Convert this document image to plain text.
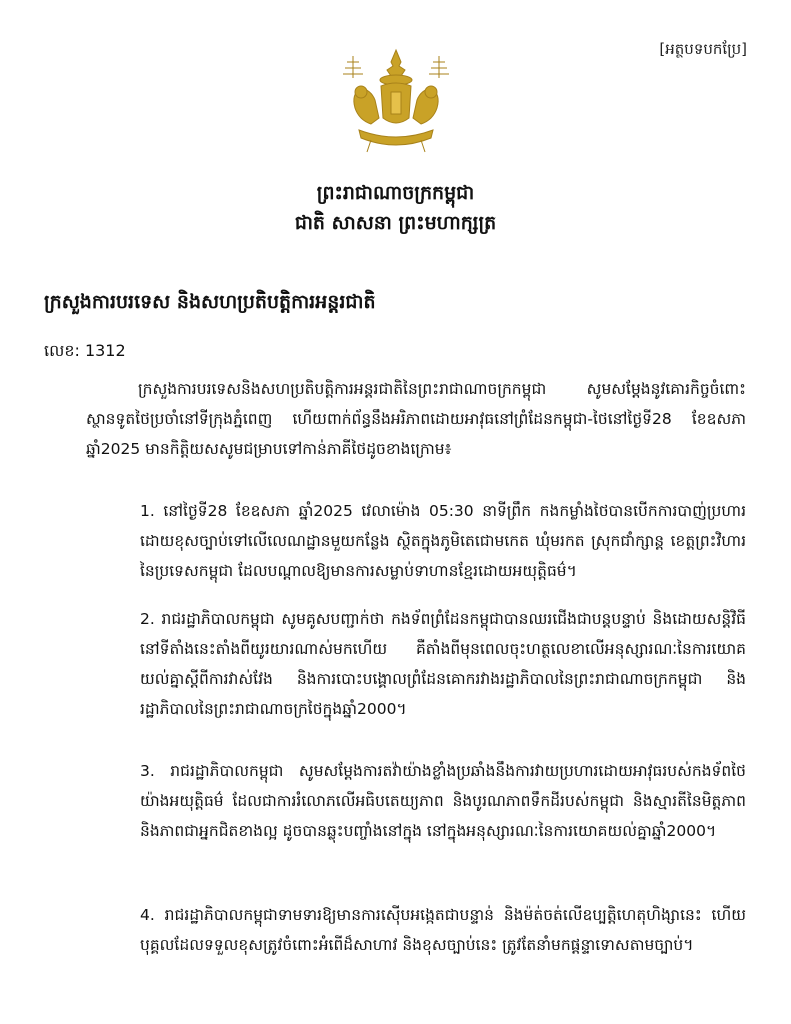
[អត្ថបទបកប្រែ]
ព្រះរាជាណាចក្រកម្ពុជា
ជាតិ សាសនា ព្រះមហាក្សត្រ
ក្រសួងការបរទេស និងសហប្រតិបត្តិការអន្តរជាតិ
លេខ: 1312

ក្រសួងការបរទេសនិងសហប្រតិបត្តិការអន្តរជាតិនៃព្រះរាជាណាចក្រកម្ពុជា សូមសម្តែងនូវគោរកិច្ចចំពោះស្ថានទូតថៃប្រចាំនៅទីក្រុងភ្នំពេញ ហើយពាក់ព័ន្ធនឹងអរិភាពដោយអាវុធនៅព្រំដែនកម្ពុជា-ថៃនៅថ្ងៃទី28 ខែឧសភា ឆ្នាំ2025 មានកិត្តិយសសូមជម្រាបទៅកាន់ភាគីថៃដូចខាងក្រោម៖

1. នៅថ្ងៃទី28 ខែឧសភា ឆ្នាំ2025 វេលាម៉ោង 05:30 នាទីព្រឹក កងកម្លាំងថៃបានបើកការបាញ់ប្រហារដោយខុសច្បាប់ទៅលើលេណដ្ឋានមួយកន្លែង ស្ថិតក្នុងភូមិតេជោមកេត ឃុំមរកត ស្រុកជាំក្សាន្ត ខេត្តព្រះវិហារ នៃប្រទេសកម្ពុជា ដែលបណ្តាលឱ្យមានការសម្លាប់ទាហានខ្មែរដោយអយុត្តិធម៌។

2. រាជរដ្ឋាភិបាលកម្ពុជា សូមគូសបញ្ជាក់ថា កងទ័ពព្រំដែនកម្ពុជាបានឈរជើងជាបន្តបន្ទាប់ និងដោយសន្តិវិធីនៅទីតាំងនេះតាំងពីយូរយារណាស់មកហើយ គឺតាំងពីមុនពេលចុះហត្ថលេខាលើអនុស្សារណៈនៃការយោគយល់គ្នាស្តីពីការវាស់វែង និងការបោះបង្គោលព្រំដែនគោករវាងរដ្ឋាភិបាលនៃព្រះរាជាណាចក្រកម្ពុជា និងរដ្ឋាភិបាលនៃព្រះរាជាណាចក្រថៃក្នុងឆ្នាំ2000។

3. រាជរដ្ឋាភិបាលកម្ពុជា សូមសម្តែងការតវ៉ាយ៉ាងខ្លាំងប្រឆាំងនឹងការវាយប្រហារដោយអាវុធរបស់កងទ័ពថៃយ៉ាងអយុត្តិធម៌ ដែលជាការរំលោភលើអធិបតេយ្យភាព និងបូរណភាពទឹកដីរបស់កម្ពុជា និងស្មារតីនៃមិត្តភាព និងភាពជាអ្នកជិតខាងល្អ ដូចបានឆ្លុះបញ្ចាំងនៅក្នុង នៅក្នុងអនុស្សារណៈនៃការយោគយល់គ្នាឆ្នាំ2000។

4. រាជរដ្ឋាភិបាលកម្ពុជាទាមទារឱ្យមានការស៊ើបអង្កេតជាបន្ទាន់ និងម៉ត់ចត់លើឧប្បត្តិហេតុហិង្សានេះ ហើយបុគ្គលដែលទទួលខុសត្រូវចំពោះអំពើដ៏សាហាវ និងខុសច្បាប់នេះ ត្រូវតែនាំមកផ្តន្ទាទោសតាមច្បាប់។
